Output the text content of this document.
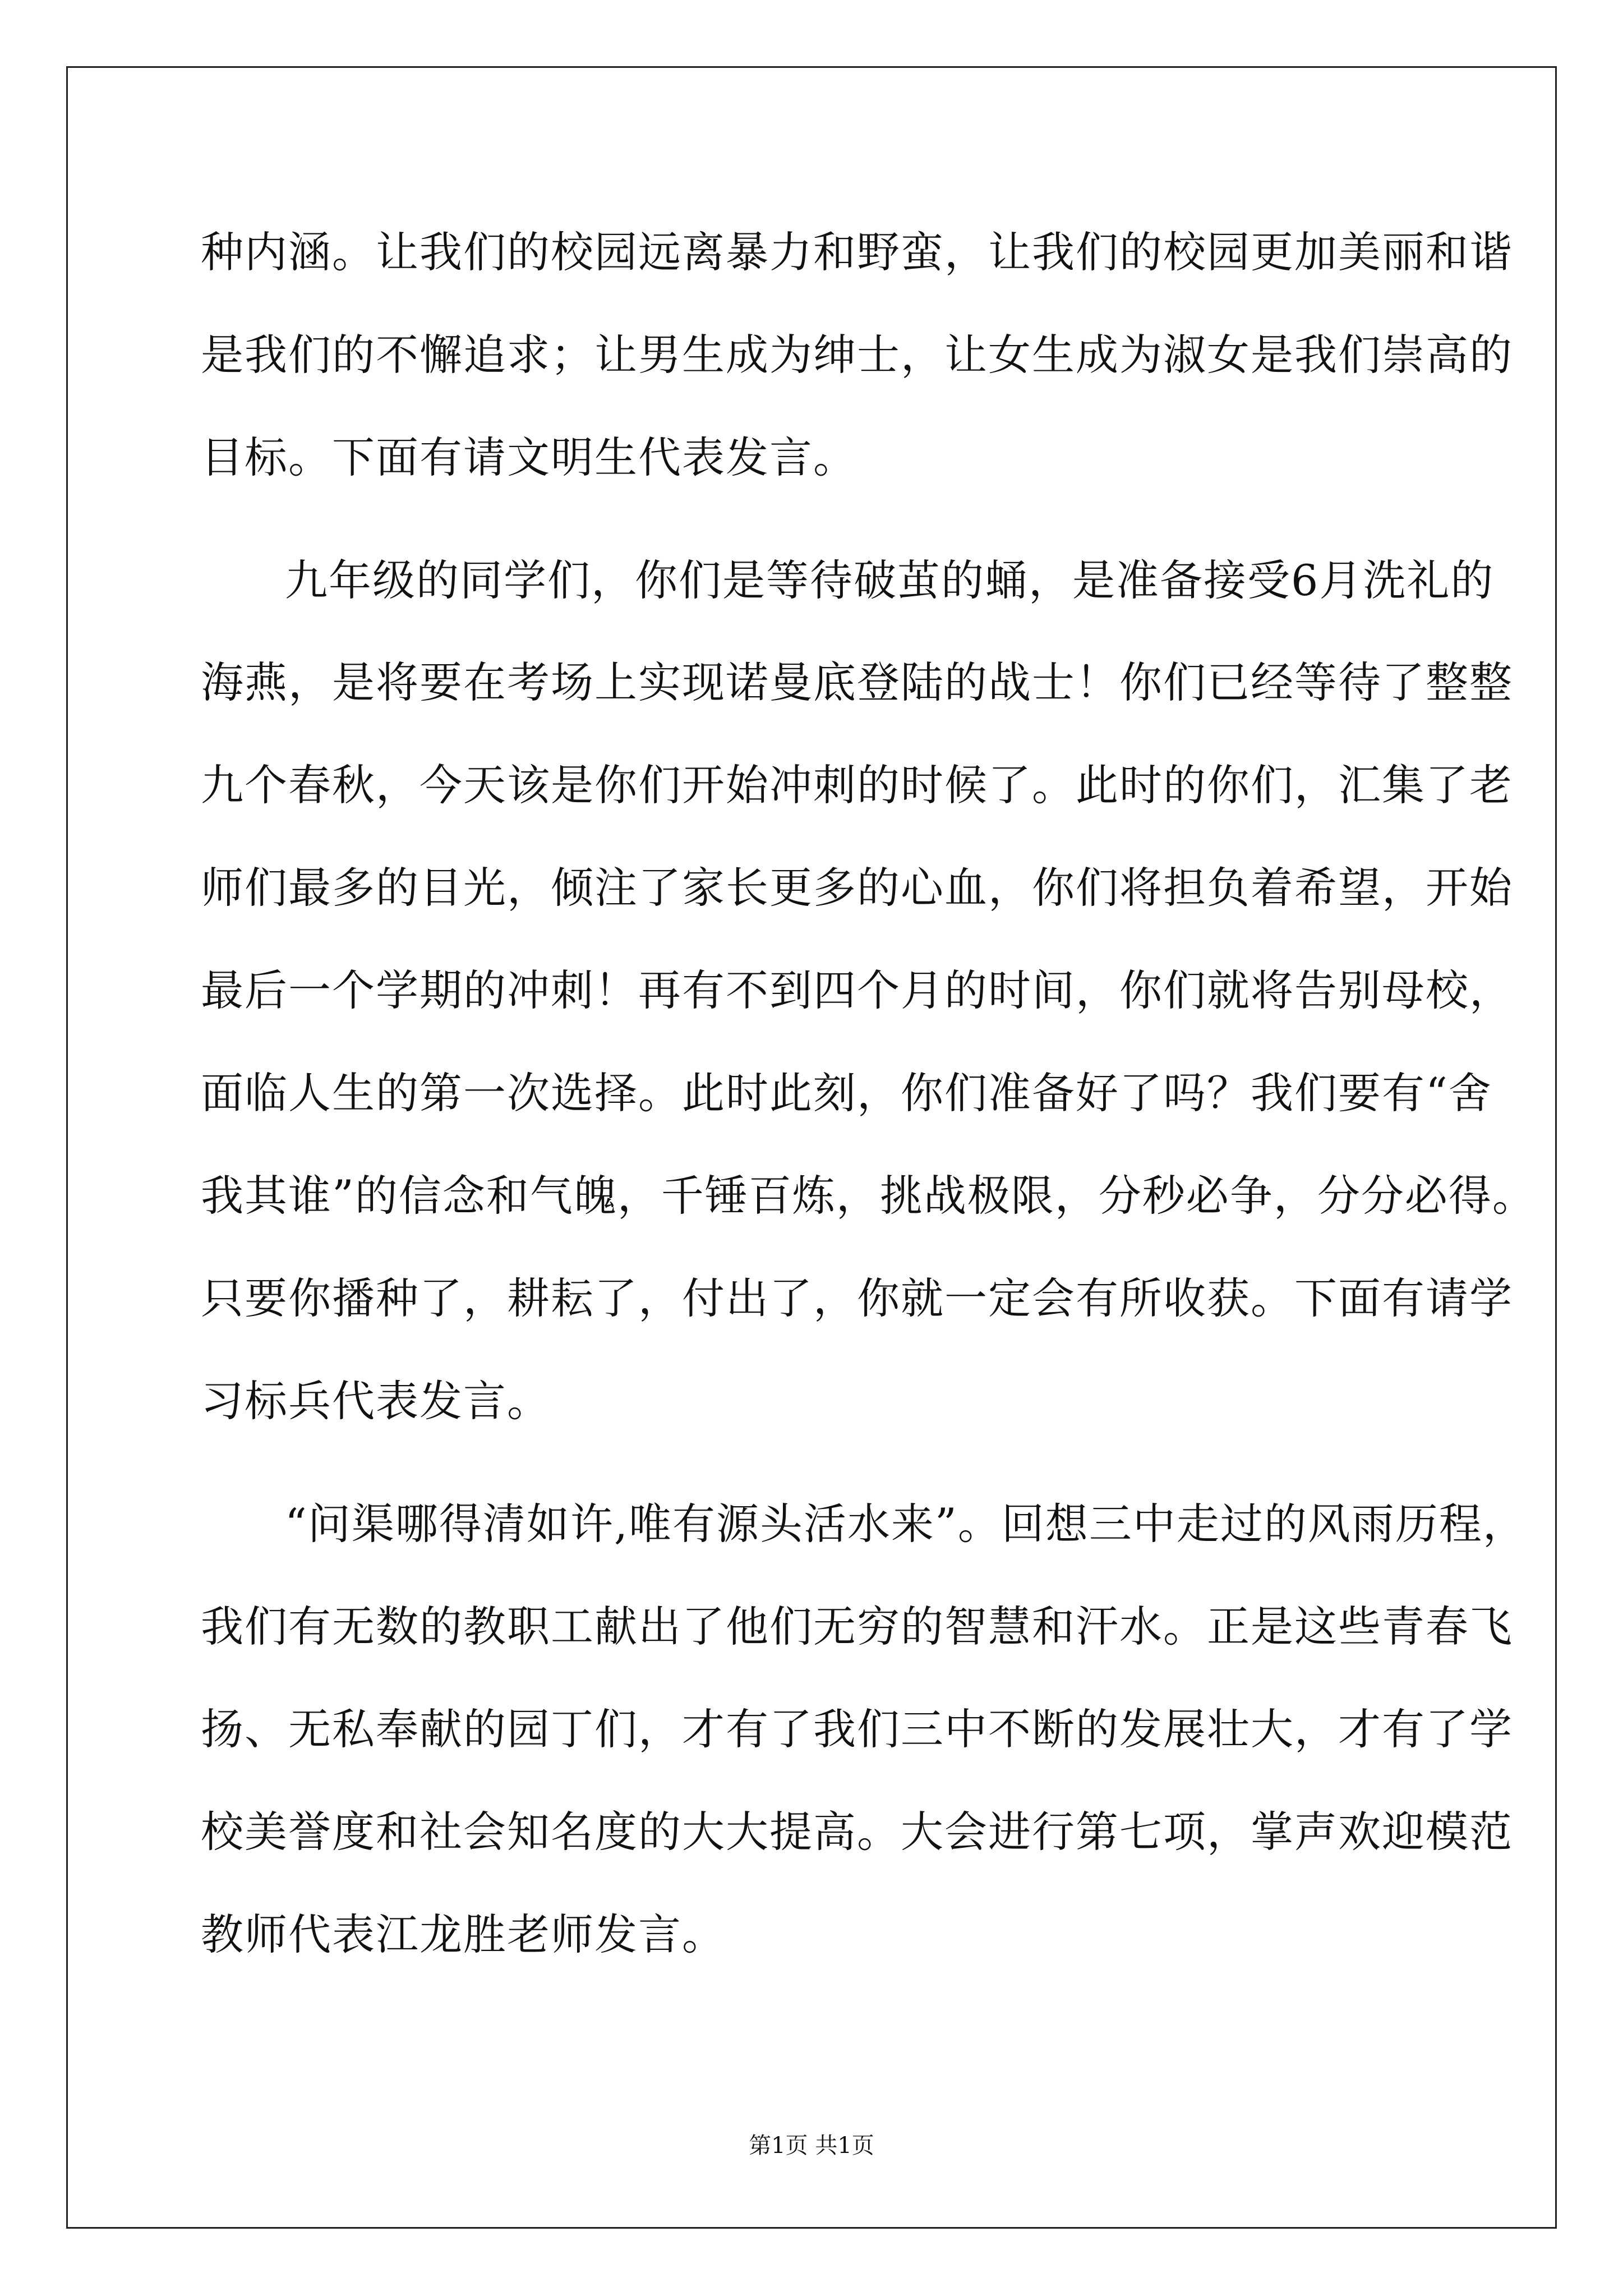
种内涵。让我们的校园远离暴力和野蛮，让我们的校园更加美丽和谐
是我们的不懈追求；让男生成为绅士，让女生成为淑女是我们崇高的
目标。下面有请文明生代表发言。
九年级的同学们，你们是等待破茧的蛹，是准备接受6月洗礼的
海燕，是将要在考场上实现诺曼底登陆的战士！你们已经等待了整整
九个春秋，今天该是你们开始冲刺的时候了。此时的你们，汇集了老
师们最多的目光，倾注了家长更多的心血，你们将担负着希望，开始
最后一个学期的冲刺！再有不到四个月的时间，你们就将告别母校，
面临人生的第一次选择。此时此刻，你们准备好了吗？我们要有“舍
我其谁”的信念和气魄，千锤百炼，挑战极限，分秒必争，分分必得。
只要你播种了，耕耘了，付出了，你就一定会有所收获。下面有请学
习标兵代表发言。
“问渠哪得清如许,唯有源头活水来”。回想三中走过的风雨历程，
我们有无数的教职工献出了他们无穷的智慧和汗水。正是这些青春飞
扬、无私奉献的园丁们，才有了我们三中不断的发展壮大，才有了学
校美誉度和社会知名度的大大提高。大会进行第七项，掌声欢迎模范
教师代表江龙胜老师发言。
第1页 共1页
